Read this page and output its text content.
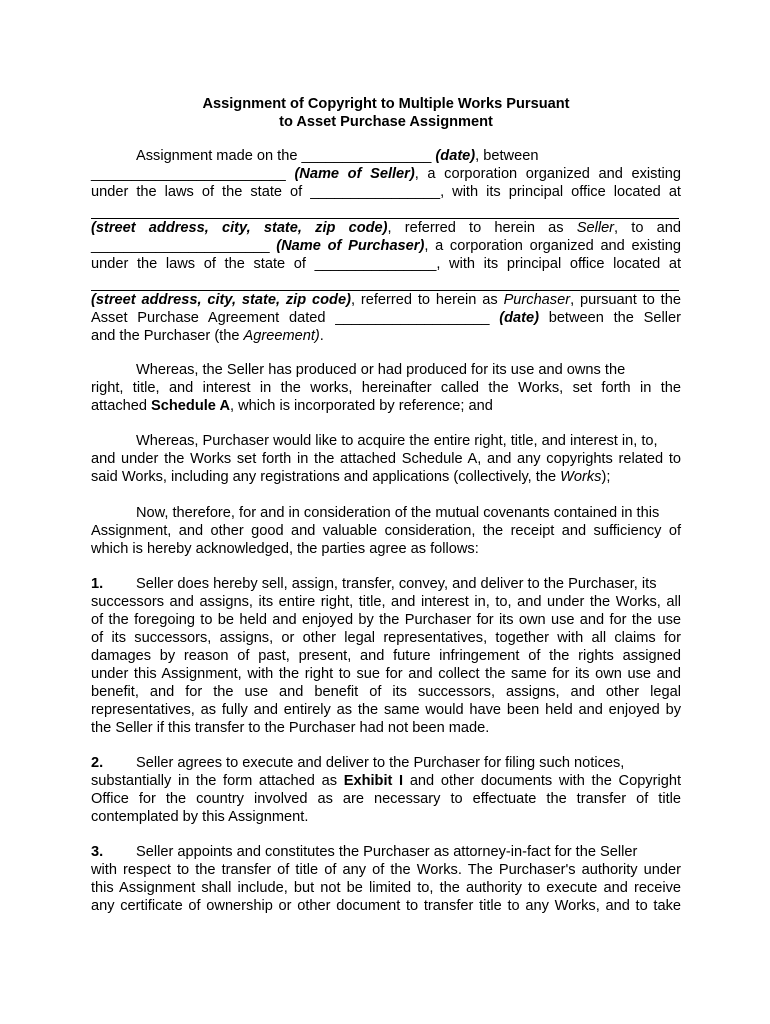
Assignment of Copyright to Multiple Works Pursuant
to Asset Purchase Assignment
Assignment made on the ________________ (date), between
________________________ (Name of Seller), a corporation organized and existing
under the laws of the state of ________________, with its principal office located at
(street address, city, state, zip code), referred to herein as Seller, to and
______________________ (Name of Purchaser), a corporation organized and existing
under the laws of the state of _______________, with its principal office located at
(street address, city, state, zip code), referred to herein as Purchaser, pursuant to the
Asset Purchase Agreement dated ___________________ (date) between the Seller
and the Purchaser (the Agreement).
Whereas, the Seller has produced or had produced for its use and owns the
right, title, and interest in the works, hereinafter called the Works, set forth in the
attached Schedule A, which is incorporated by reference; and
Whereas, Purchaser would like to acquire the entire right, title, and interest in, to,
and under the Works set forth in the attached Schedule A, and any copyrights related to
said Works, including any registrations and applications (collectively, the Works);
Now, therefore, for and in consideration of the mutual covenants contained in this
Assignment, and other good and valuable consideration, the receipt and sufficiency of
which is hereby acknowledged, the parties agree as follows:
1. Seller does hereby sell, assign, transfer, convey, and deliver to the Purchaser, its
successors and assigns, its entire right, title, and interest in, to, and under the Works, all
of the foregoing to be held and enjoyed by the Purchaser for its own use and for the use
of its successors, assigns, or other legal representatives, together with all claims for
damages by reason of past, present, and future infringement of the rights assigned
under this Assignment, with the right to sue for and collect the same for its own use and
benefit, and for the use and benefit of its successors, assigns, and other legal
representatives, as fully and entirely as the same would have been held and enjoyed by
the Seller if this transfer to the Purchaser had not been made.
2. Seller agrees to execute and deliver to the Purchaser for filing such notices,
substantially in the form attached as Exhibit I and other documents with the Copyright
Office for the country involved as are necessary to effectuate the transfer of title
contemplated by this Assignment.
3. Seller appoints and constitutes the Purchaser as attorney-in-fact for the Seller
with respect to the transfer of title of any of the Works. The Purchaser's authority under
this Assignment shall include, but not be limited to, the authority to execute and receive
any certificate of ownership or other document to transfer title to any Works, and to take
